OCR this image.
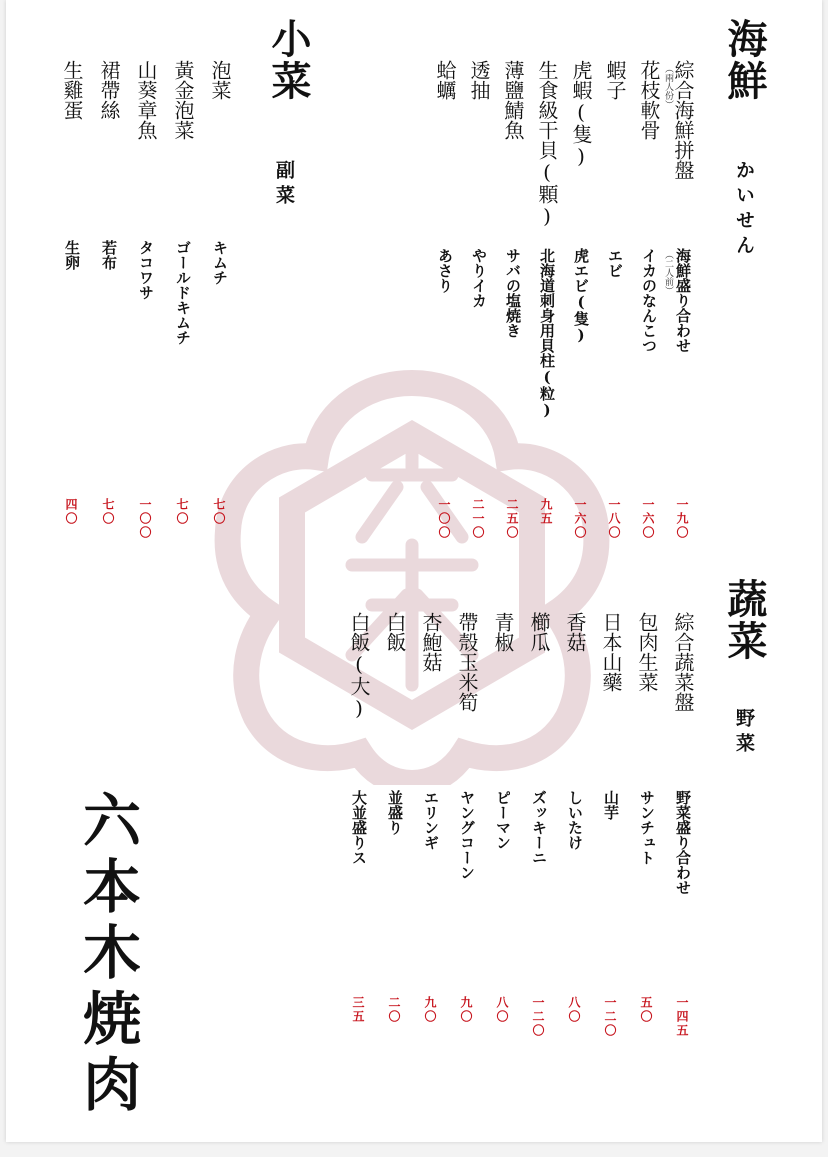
海鮮
かいせん
綜合海鮮拼盤
（兩人份）
（二人前） 海鮮盛り合わせ
一九〇
花枝軟骨
イカのなんこつ
一六〇
蝦子
エビ
一八〇
虎蝦(隻)
虎エビ(隻)
一六〇
生食級干貝(顆)
北海道刺身用貝柱(粒)
九五
薄鹽鯖魚
サバの塩焼き
二五〇
透抽
やりイカ
二一〇
蛤蠣
あさり
一〇〇
小菜
副菜
泡菜
キムチ
七〇
黃金泡菜
ゴールドキムチ
七〇
山葵章魚
タコワサ
一〇〇
裙帶絲
若布
七〇
生雞蛋
生卵
四〇
蔬菜
野菜
綜合蔬菜盤
野菜盛り合わせ
一四五
包肉生菜
サンチュト
五〇
日本山藥
山芋
一二〇
香菇
しいたけ
八〇
櫛瓜
ズッキーニ
一二〇
青椒
ピーマン
八〇
帶殼玉米筍
ヤングコーン
九〇
杏鮑菇
エリンギ
九〇
白飯
並盛り
二〇
白飯(大)
大並盛りス
三五
六本木焼肉
